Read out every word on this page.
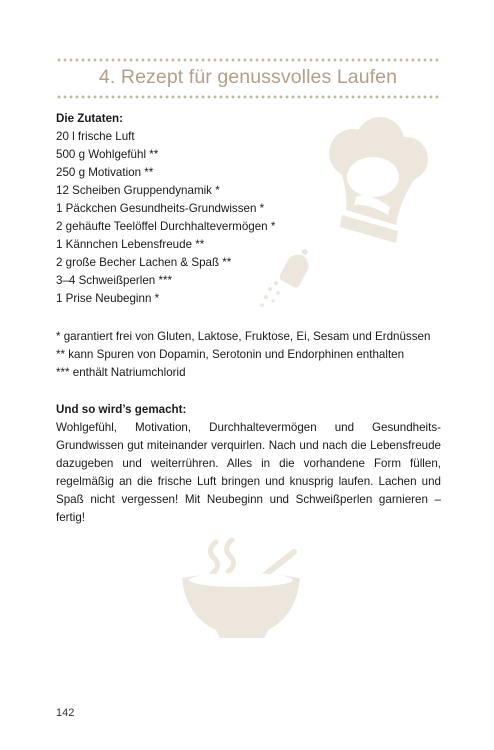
4. Rezept für genussvolles Laufen
Die Zutaten:
20 l frische Luft
500 g Wohlgefühl **
250 g Motivation **
12 Scheiben Gruppendynamik *
1 Päckchen Gesundheits-Grundwissen *
2 gehäufte Teelöffel Durchhaltevermögen *
1 Kännchen Lebensfreude **
2 große Becher Lachen & Spaß **
3–4 Schweißperlen ***
1 Prise Neubeginn *
* garantiert frei von Gluten, Laktose, Fruktose, Ei, Sesam und Erdnüssen
** kann Spuren von Dopamin, Serotonin und Endorphinen enthalten
*** enthält Natriumchlorid
Und so wird’s gemacht:
Wohlgefühl, Motivation, Durchhaltevermögen und Gesundheits-Grundwissen gut miteinander verquirlen. Nach und nach die Lebensfreude dazugeben und weiterrühren. Alles in die vorhandene Form füllen, regelmäßig an die frische Luft bringen und knusprig laufen. Lachen und Spaß nicht vergessen! Mit Neubeginn und Schweißperlen garnieren – fertig!
142
